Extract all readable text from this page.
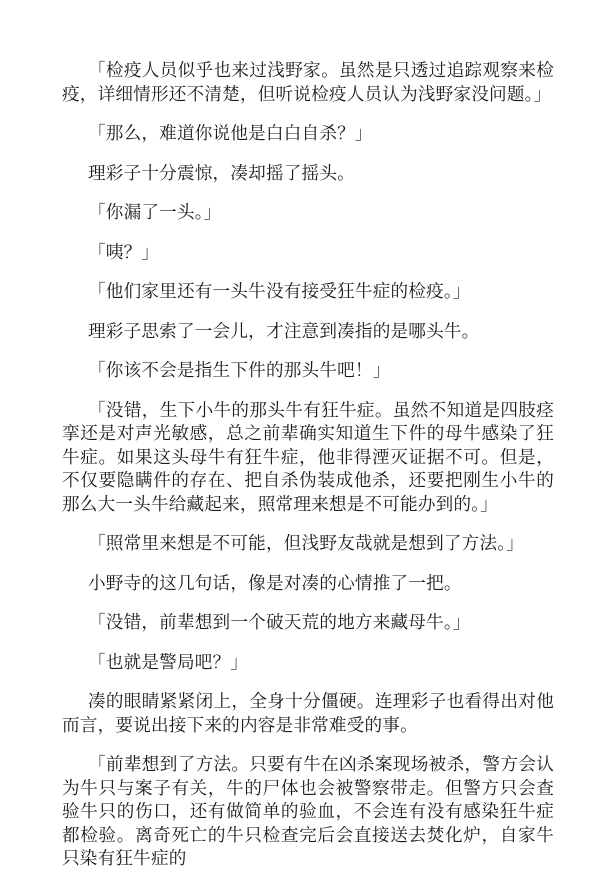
「检疫人员似乎也来过浅野家。虽然是只透过追踪观察来检疫，详细情形还不清楚，但听说检疫人员认为浅野家没问题。」

「那么，难道你说他是白白自杀？」

理彩子十分震惊，凑却摇了摇头。

「你漏了一头。」

「咦？」

「他们家里还有一头牛没有接受狂牛症的检疫。」

理彩子思索了一会儿，才注意到凑指的是哪头牛。

「你该不会是指生下件的那头牛吧！」

「没错，生下小牛的那头牛有狂牛症。虽然不知道是四肢痉挛还是对声光敏感，总之前辈确实知道生下件的母牛感染了狂牛症。如果这头母牛有狂牛症，他非得湮灭证据不可。但是，不仅要隐瞒件的存在、把自杀伪装成他杀，还要把刚生小牛的那么大一头牛给藏起来，照常理来想是不可能办到的。」

「照常里来想是不可能，但浅野友哉就是想到了方法。」

小野寺的这几句话，像是对凑的心情推了一把。

「没错，前辈想到一个破天荒的地方来藏母牛。」

「也就是警局吧？」

凑的眼睛紧紧闭上，全身十分僵硬。连理彩子也看得出对他而言，要说出接下来的内容是非常难受的事。

「前辈想到了方法。只要有牛在凶杀案现场被杀，警方会认为牛只与案子有关，牛的尸体也会被警察带走。但警方只会查验牛只的伤口，还有做简单的验血，不会连有没有感染狂牛症都检验。离奇死亡的牛只检查完后会直接送去焚化炉，自家牛只染有狂牛症的
